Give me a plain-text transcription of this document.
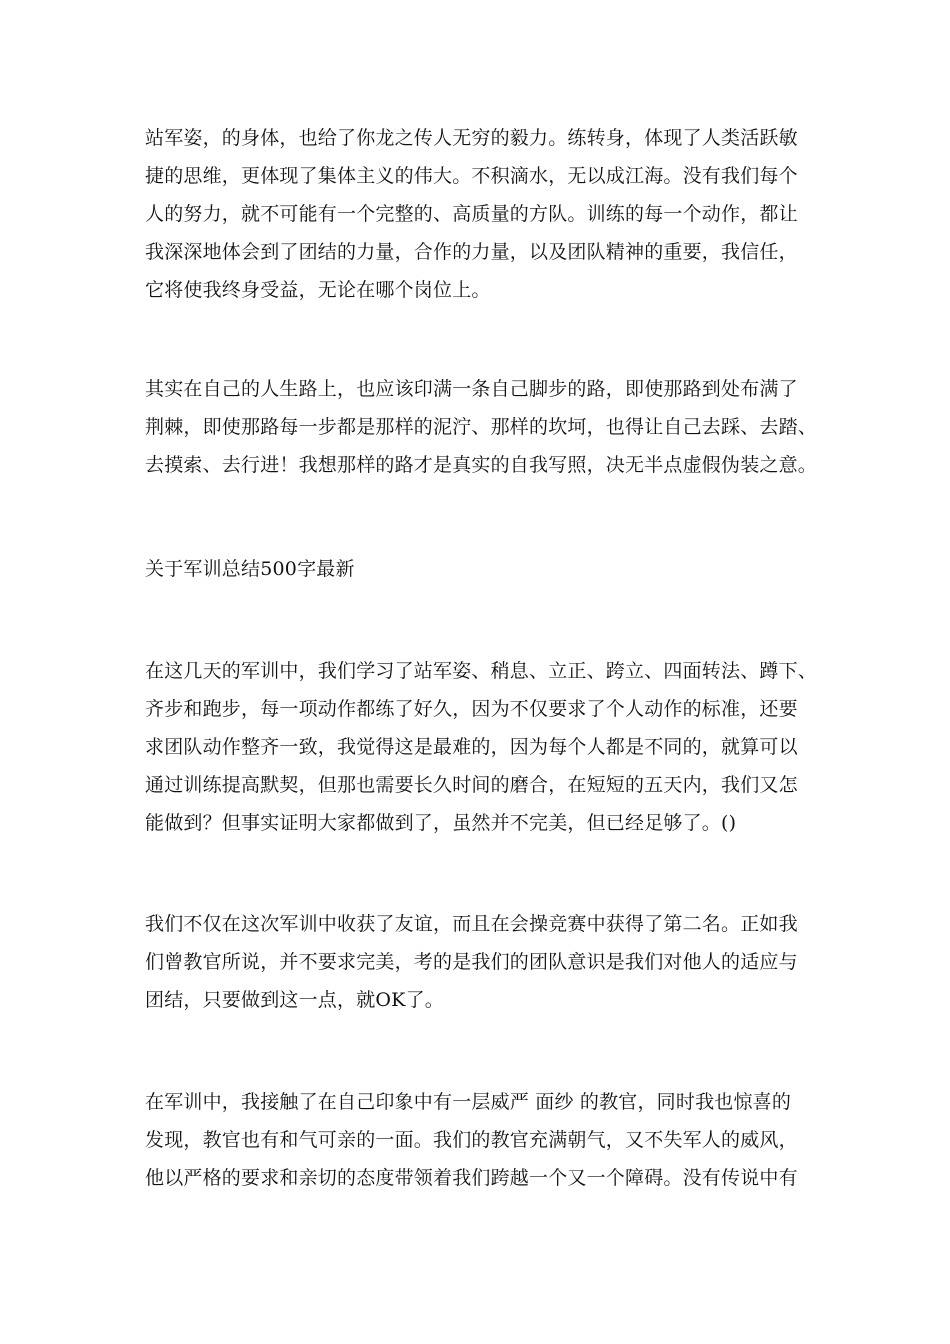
站军姿，的身体，也给了你龙之传人无穷的毅力。练转身，体现了人类活跃敏
捷的思维，更体现了集体主义的伟大。不积滴水，无以成江海。没有我们每个
人的努力，就不可能有一个完整的、高质量的方队。训练的每一个动作，都让
我深深地体会到了团结的力量，合作的力量，以及团队精神的重要，我信任，
它将使我终身受益，无论在哪个岗位上。
其实在自己的人生路上，也应该印满一条自己脚步的路，即使那路到处布满了
荆棘，即使那路每一步都是那样的泥泞、那样的坎坷，也得让自己去踩、去踏、
去摸索、去行进！我想那样的路才是真实的自我写照，决无半点虚假伪装之意。
关于军训总结500字最新
在这几天的军训中，我们学习了站军姿、稍息、立正、跨立、四面转法、蹲下、
齐步和跑步，每一项动作都练了好久，因为不仅要求了个人动作的标准，还要
求团队动作整齐一致，我觉得这是最难的，因为每个人都是不同的，就算可以
通过训练提高默契，但那也需要长久时间的磨合，在短短的五天内，我们又怎
能做到？但事实证明大家都做到了，虽然并不完美，但已经足够了。()
我们不仅在这次军训中收获了友谊，而且在会操竞赛中获得了第二名。正如我
们曾教官所说，并不要求完美，考的是我们的团队意识是我们对他人的适应与
团结，只要做到这一点，就OK了。
在军训中，我接触了在自己印象中有一层威严 面纱 的教官，同时我也惊喜的
发现，教官也有和气可亲的一面。我们的教官充满朝气，又不失军人的威风，
他以严格的要求和亲切的态度带领着我们跨越一个又一个障碍。没有传说中有
